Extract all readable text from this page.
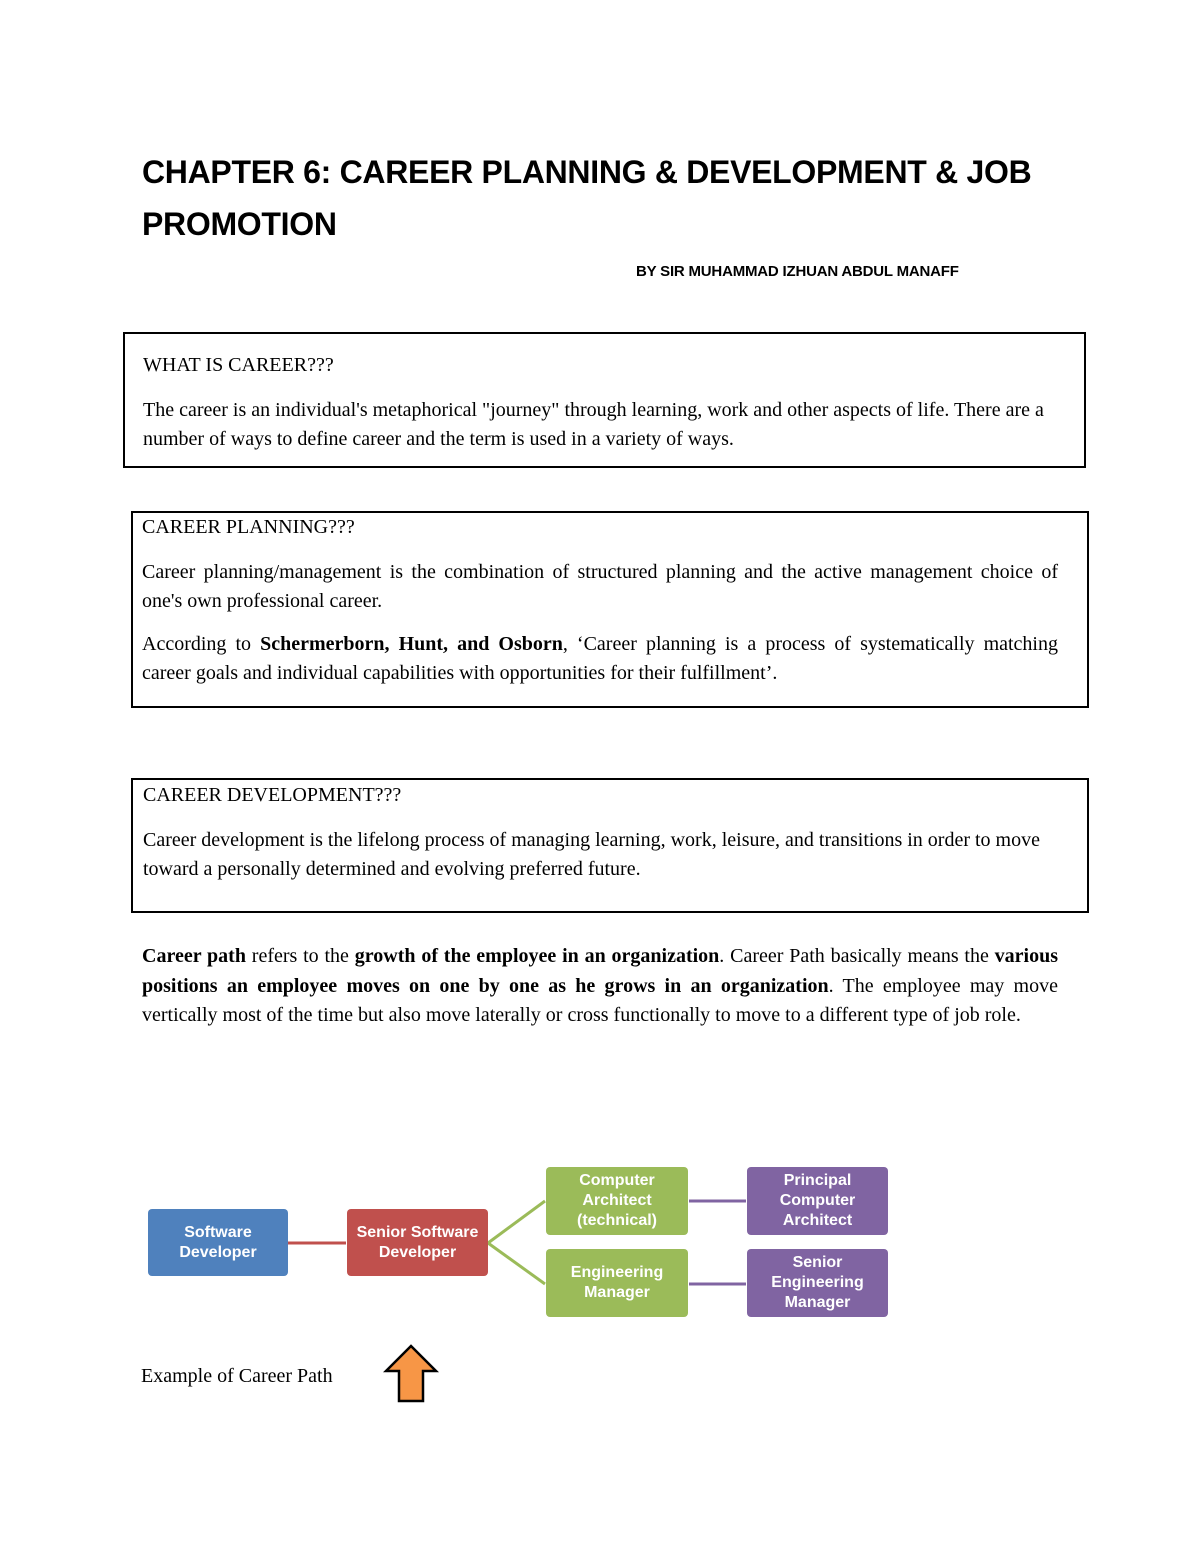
CHAPTER 6: CAREER PLANNING & DEVELOPMENT & JOB PROMOTION
BY SIR MUHAMMAD IZHUAN ABDUL MANAFF

WHAT IS CAREER???

The career is an individual's metaphorical "journey" through learning, work and other aspects of life. There are a number of ways to define career and the term is used in a variety of ways.

CAREER PLANNING???

Career planning/management is the combination of structured planning and the active management choice of one's own professional career.

According to Schermerborn, Hunt, and Osborn, ‘Career planning is a process of systematically matching career goals and individual capabilities with opportunities for their fulfillment’.

CAREER DEVELOPMENT???

Career development is the lifelong process of managing learning, work, leisure, and transitions in order to move toward a personally determined and evolving preferred future.

Career path refers to the growth of the employee in an organization. Career Path basically means the various positions an employee moves on one by one as he grows in an organization. The employee may move vertically most of the time but also move laterally or cross functionally to move to a different type of job role.

Software Developer
Senior Software Developer
Computer Architect (technical)
Principal Computer Architect
Engineering Manager
Senior Engineering Manager

Example of Career Path
